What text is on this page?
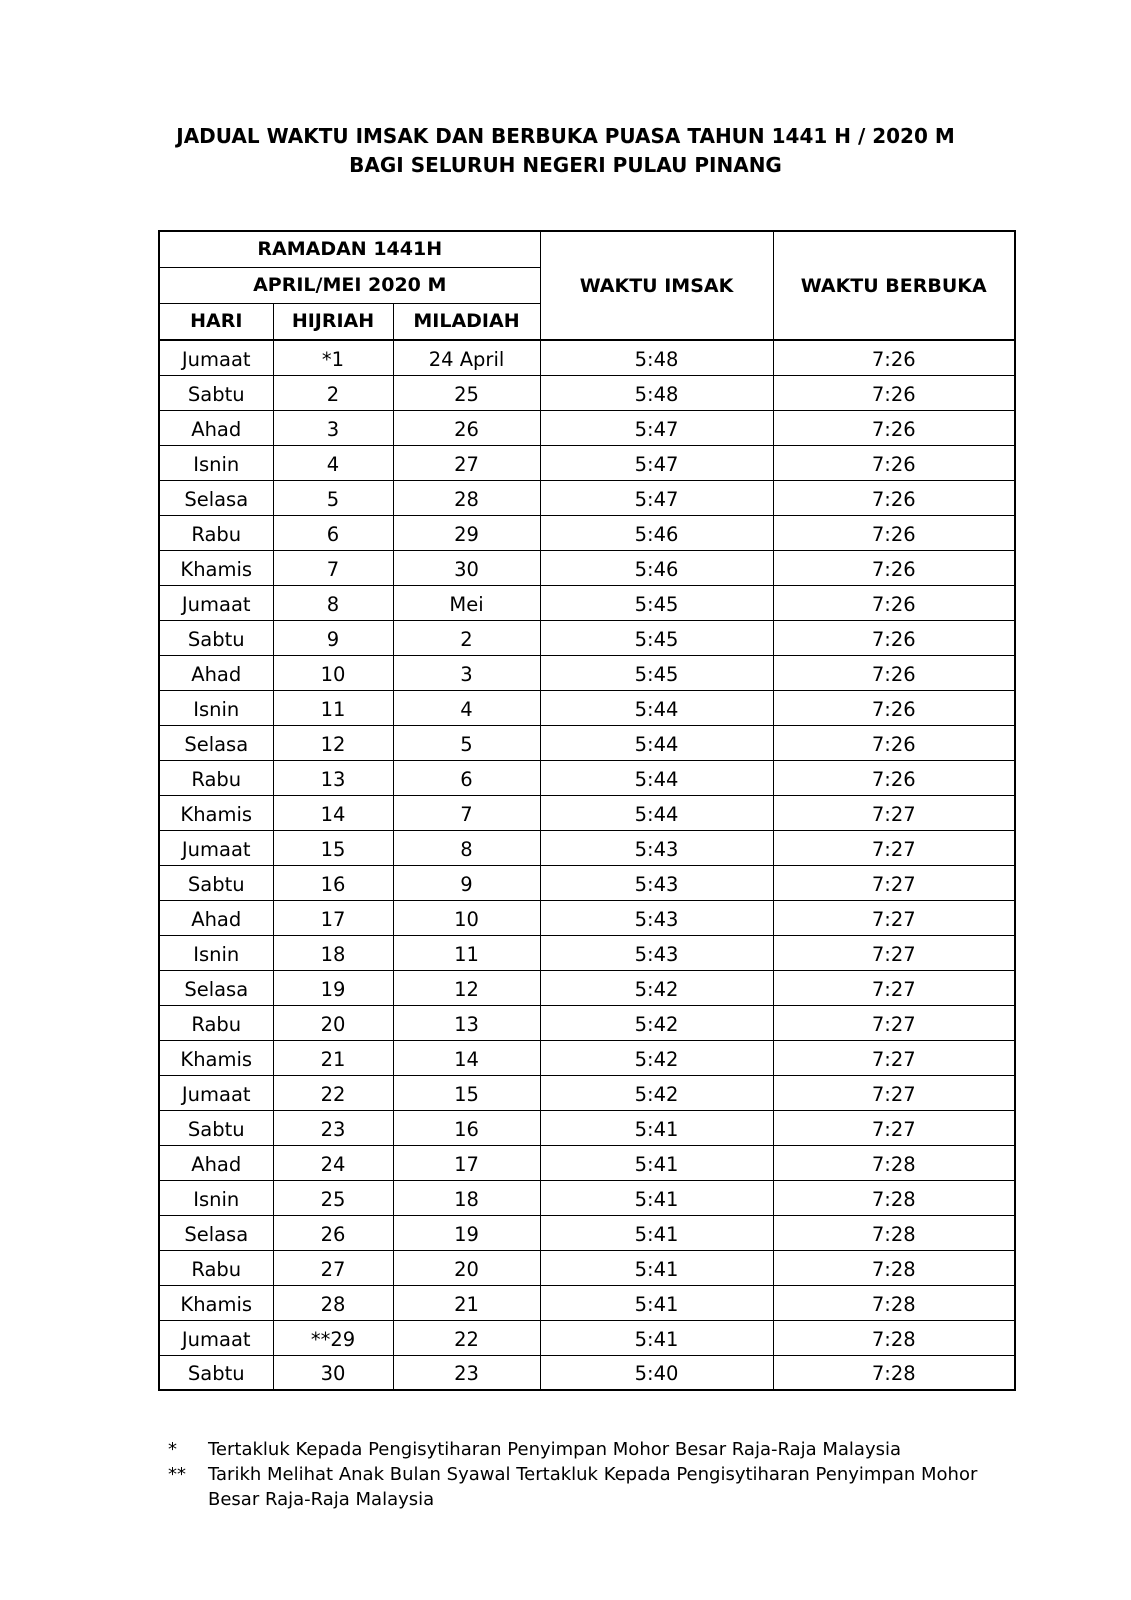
JADUAL WAKTU IMSAK DAN BERBUKA PUASA TAHUN 1441 H / 2020 M
BAGI SELURUH NEGERI PULAU PINANG
RAMADAN 1441H			WAKTU IMSAK	WAKTU BERBUKA
APRIL/MEI 2020 M				
HARI	HIJRIAH	MILADIAH		
Jumaat	*1	24 April	5:48	7:26
Sabtu	2	25	5:48	7:26
Ahad	3	26	5:47	7:26
Isnin	4	27	5:47	7:26
Selasa	5	28	5:47	7:26
Rabu	6	29	5:46	7:26
Khamis	7	30	5:46	7:26
Jumaat	8	Mei	5:45	7:26
Sabtu	9	2	5:45	7:26
Ahad	10	3	5:45	7:26
Isnin	11	4	5:44	7:26
Selasa	12	5	5:44	7:26
Rabu	13	6	5:44	7:26
Khamis	14	7	5:44	7:27
Jumaat	15	8	5:43	7:27
Sabtu	16	9	5:43	7:27
Ahad	17	10	5:43	7:27
Isnin	18	11	5:43	7:27
Selasa	19	12	5:42	7:27
Rabu	20	13	5:42	7:27
Khamis	21	14	5:42	7:27
Jumaat	22	15	5:42	7:27
Sabtu	23	16	5:41	7:27
Ahad	24	17	5:41	7:28
Isnin	25	18	5:41	7:28
Selasa	26	19	5:41	7:28
Rabu	27	20	5:41	7:28
Khamis	28	21	5:41	7:28
Jumaat	**29	22	5:41	7:28
Sabtu	30	23	5:40	7:28
*	Tertakluk Kepada Pengisytiharan Penyimpan Mohor Besar Raja-Raja Malaysia
**	Tarikh Melihat Anak Bulan Syawal Tertakluk Kepada Pengisytiharan Penyimpan Mohor Besar Raja-Raja Malaysia
